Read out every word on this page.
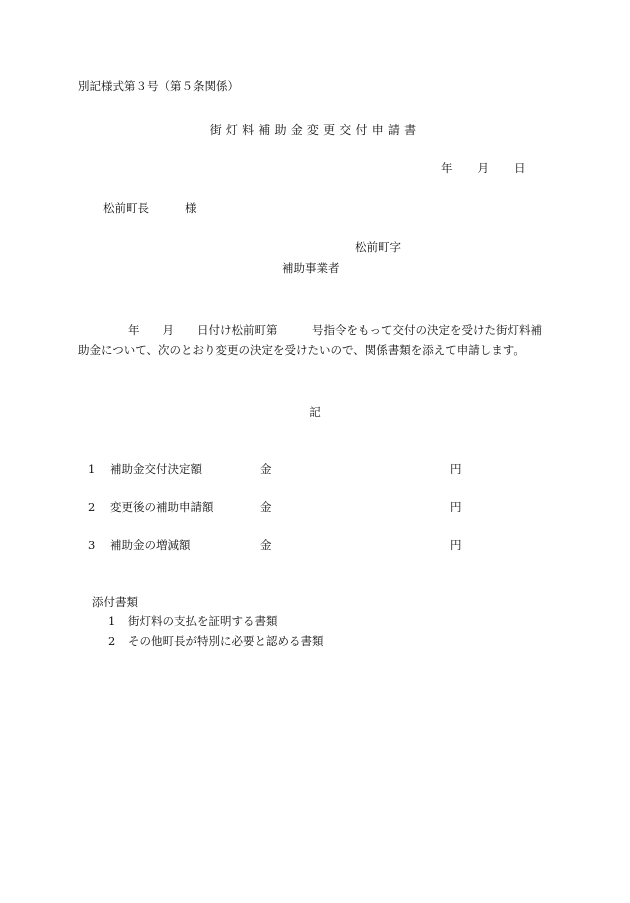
別記様式第３号（第５条関係）
街灯料補助金変更交付申請書
年 月 日
松前町長	様
松前町字
補助事業者
年　　月　　日付け松前町第　　　号指令をもって交付の決定を受けた街灯料補助金について、次のとおり変更の決定を受けたいので、関係書類を添えて申請します。
記
1 補助金交付決定額	金	円
2 変更後の補助申請額	金	円
3 補助金の増減額	金	円
添付書類
1 街灯料の支払を証明する書類
2 その他町長が特別に必要と認める書類
